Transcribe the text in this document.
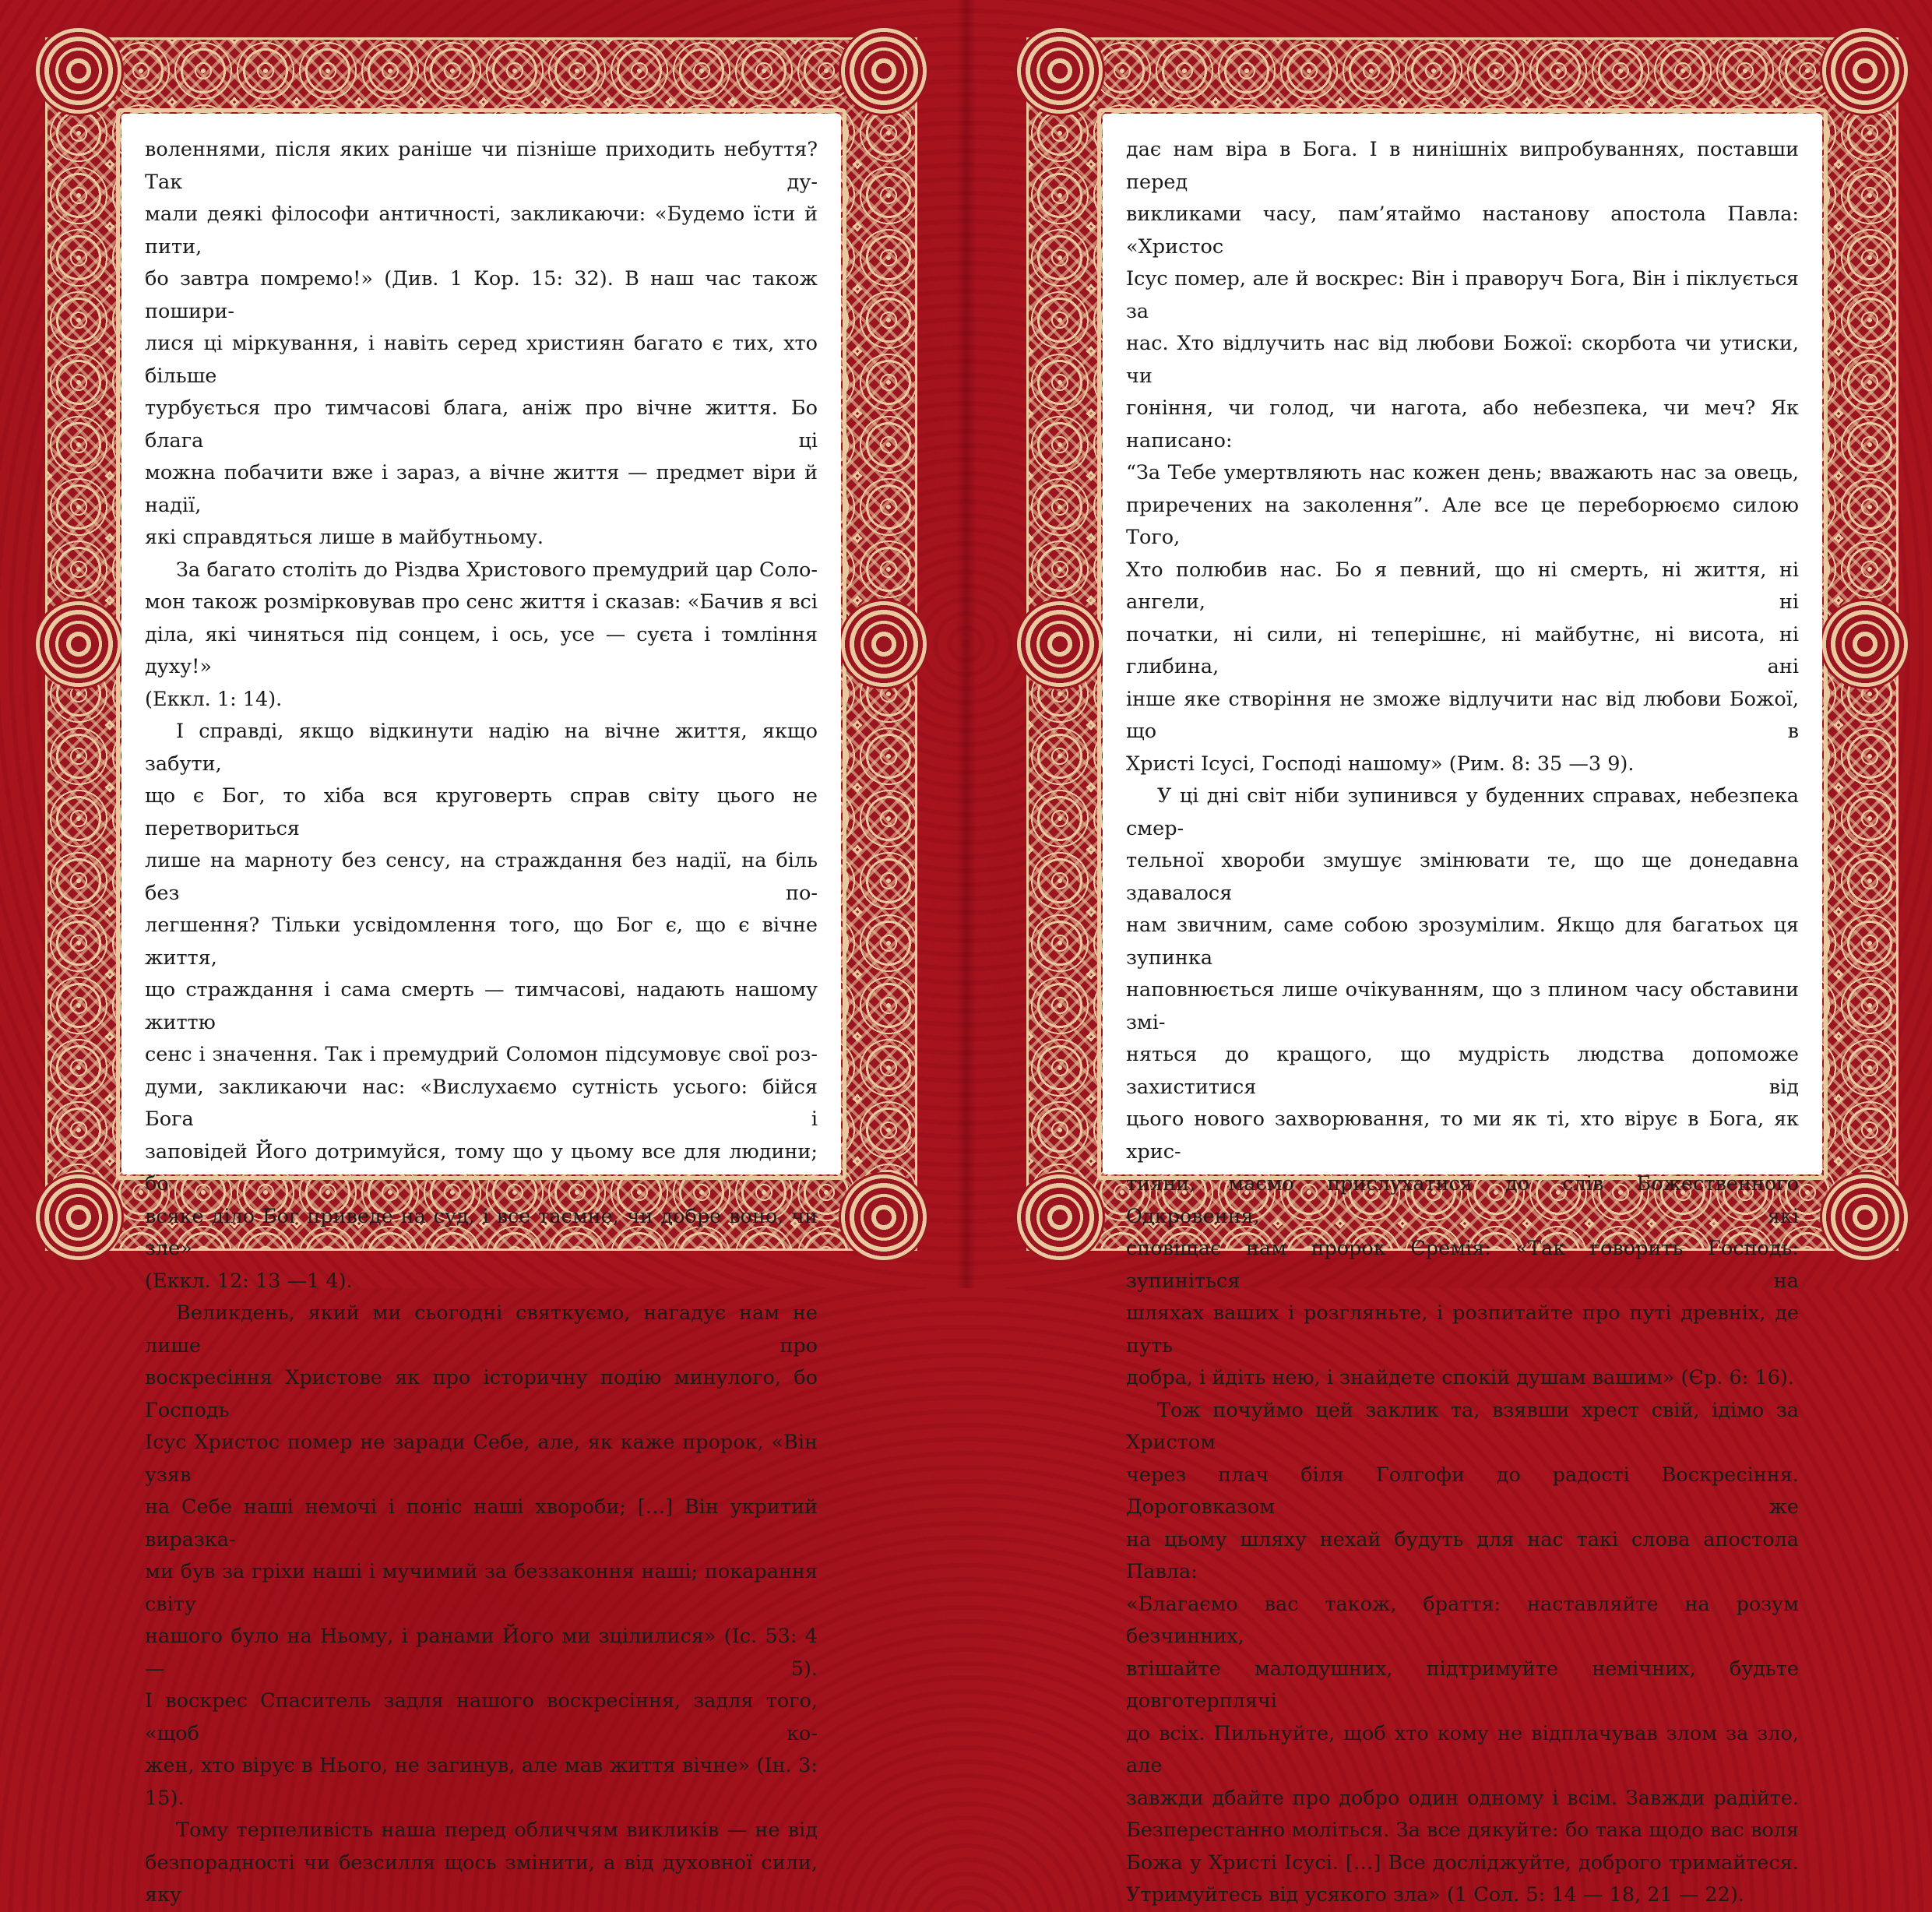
воленнями, після яких раніше чи пізніше приходить небуття? Так ду-
мали деякі філософи античності, закликаючи: «Будемо їсти й пити,
бо завтра помремо!» (Див. 1 Кор. 15: 32). В наш час також пошири-
лися ці міркування, і навіть серед християн багато є тих, хто більше
турбується про тимчасові блага, аніж про вічне життя. Бо блага ці
можна побачити вже і зараз, а вічне життя — предмет віри й надії,
які справдяться лише в майбутньому.
За багато століть до Різдва Христового премудрий цар Соло-
мон також розмірковував про сенс життя і сказав: «Бачив я всі
діла, які чиняться під сонцем, і ось, усе — суєта і томління духу!»
(Еккл. 1: 14).
І справді, якщо відкинути надію на вічне життя, якщо забути,
що є Бог, то хіба вся круговерть справ світу цього не перетвориться
лише на марноту без сенсу, на страждання без надії, на біль без по-
легшення? Тільки усвідомлення того, що Бог є, що є вічне життя,
що страждання і сама смерть — тимчасові, надають нашому життю
сенс і значення. Так і премудрий Соломон підсумовує свої роз-
думи, закликаючи нас: «Вислухаємо сутність усього: бійся Бога і
заповідей Його дотримуйся, тому що у цьому все для людини; бо
всяке діло Бог приведе на суд, і все таємне, чи добре воно, чи зле»
(Еккл. 12: 13 —1 4).
Великдень, який ми сьогодні святкуємо, нагадує нам не лише про
воскресіння Христове як про історичну подію минулого, бо Господь
Ісус Христос помер не заради Себе, але, як каже пророк, «Він узяв
на Себе наші немочі і поніс наші хвороби; […] Він укритий виразка-
ми був за гріхи наші і мучимий за беззаконня наші; покарання світу
нашого було на Ньому, і ранами Його ми зцілилися» (Іс. 53: 4 — 5).
І воскрес Спаситель задля нашого воскресіння, задля того, «щоб ко-
жен, хто вірує в Нього, не загинув, але мав життя вічне» (Ін. 3: 15).
Тому терпеливість наша перед обличчям викликів — не від
безпорадності чи безсилля щось змінити, а від духовної сили, яку
дає нам віра в Бога. І в нинішніх випробуваннях, поставши перед
викликами часу, пам’ятаймо настанову апостола Павла: «Христос
Ісус помер, але й воскрес: Він і праворуч Бога, Він і піклується за
нас. Хто відлучить нас від любови Божої: скорбота чи утиски, чи
гоніння, чи голод, чи нагота, або небезпека, чи меч? Як написано:
“За Тебе умертвляють нас кожен день; вважають нас за овець,
приречених на заколення”. Але все це переборюємо силою Того,
Хто полюбив нас. Бо я певний, що ні смерть, ні життя, ні ангели, ні
початки, ні сили, ні теперішнє, ні майбутнє, ні висота, ні глибина, ані
інше яке створіння не зможе відлучити нас від любови Божої, що в
Христі Ісусі, Господі нашому» (Рим. 8: 35 —3 9).
У ці дні світ ніби зупинився у буденних справах, небезпека смер-
тельної хвороби змушує змінювати те, що ще донедавна здавалося
нам звичним, саме собою зрозумілим. Якщо для багатьох ця зупинка
наповнюється лише очікуванням, що з плином часу обставини змі-
няться до кращого, що мудрість людства допоможе захиститися від
цього нового захворювання, то ми як ті, хто вірує в Бога, як хрис-
тияни, маємо прислухатися до слів Божественного Одкровення, які
сповіщає нам пророк Єремія: «Так говорить Господь: зупиніться на
шляхах ваших і розгляньте, і розпитайте про путі древніх, де путь
добра, і йдіть нею, і знайдете спокій душам вашим» (Єр. 6: 16).
Тож почуймо цей заклик та, взявши хрест свій, ідімо за Христом
через плач біля Голгофи до радості Воскресіння. Дороговказом же
на цьому шляху нехай будуть для нас такі слова апостола Павла:
«Благаємо вас також, браття: наставляйте на розум безчинних,
втішайте малодушних, підтримуйте немічних, будьте довготерплячі
до всіх. Пильнуйте, щоб хто кому не відплачував злом за зло, але
завжди дбайте про добро один одному і всім. Завжди радійте.
Безперестанно моліться. За все дякуйте: бо така щодо вас воля
Божа у Христі Ісусі. […] Все досліджуйте, доброго тримайтеся.
Утримуйтесь від усякого зла» (1 Сол. 5: 14 — 18, 21 — 22).
